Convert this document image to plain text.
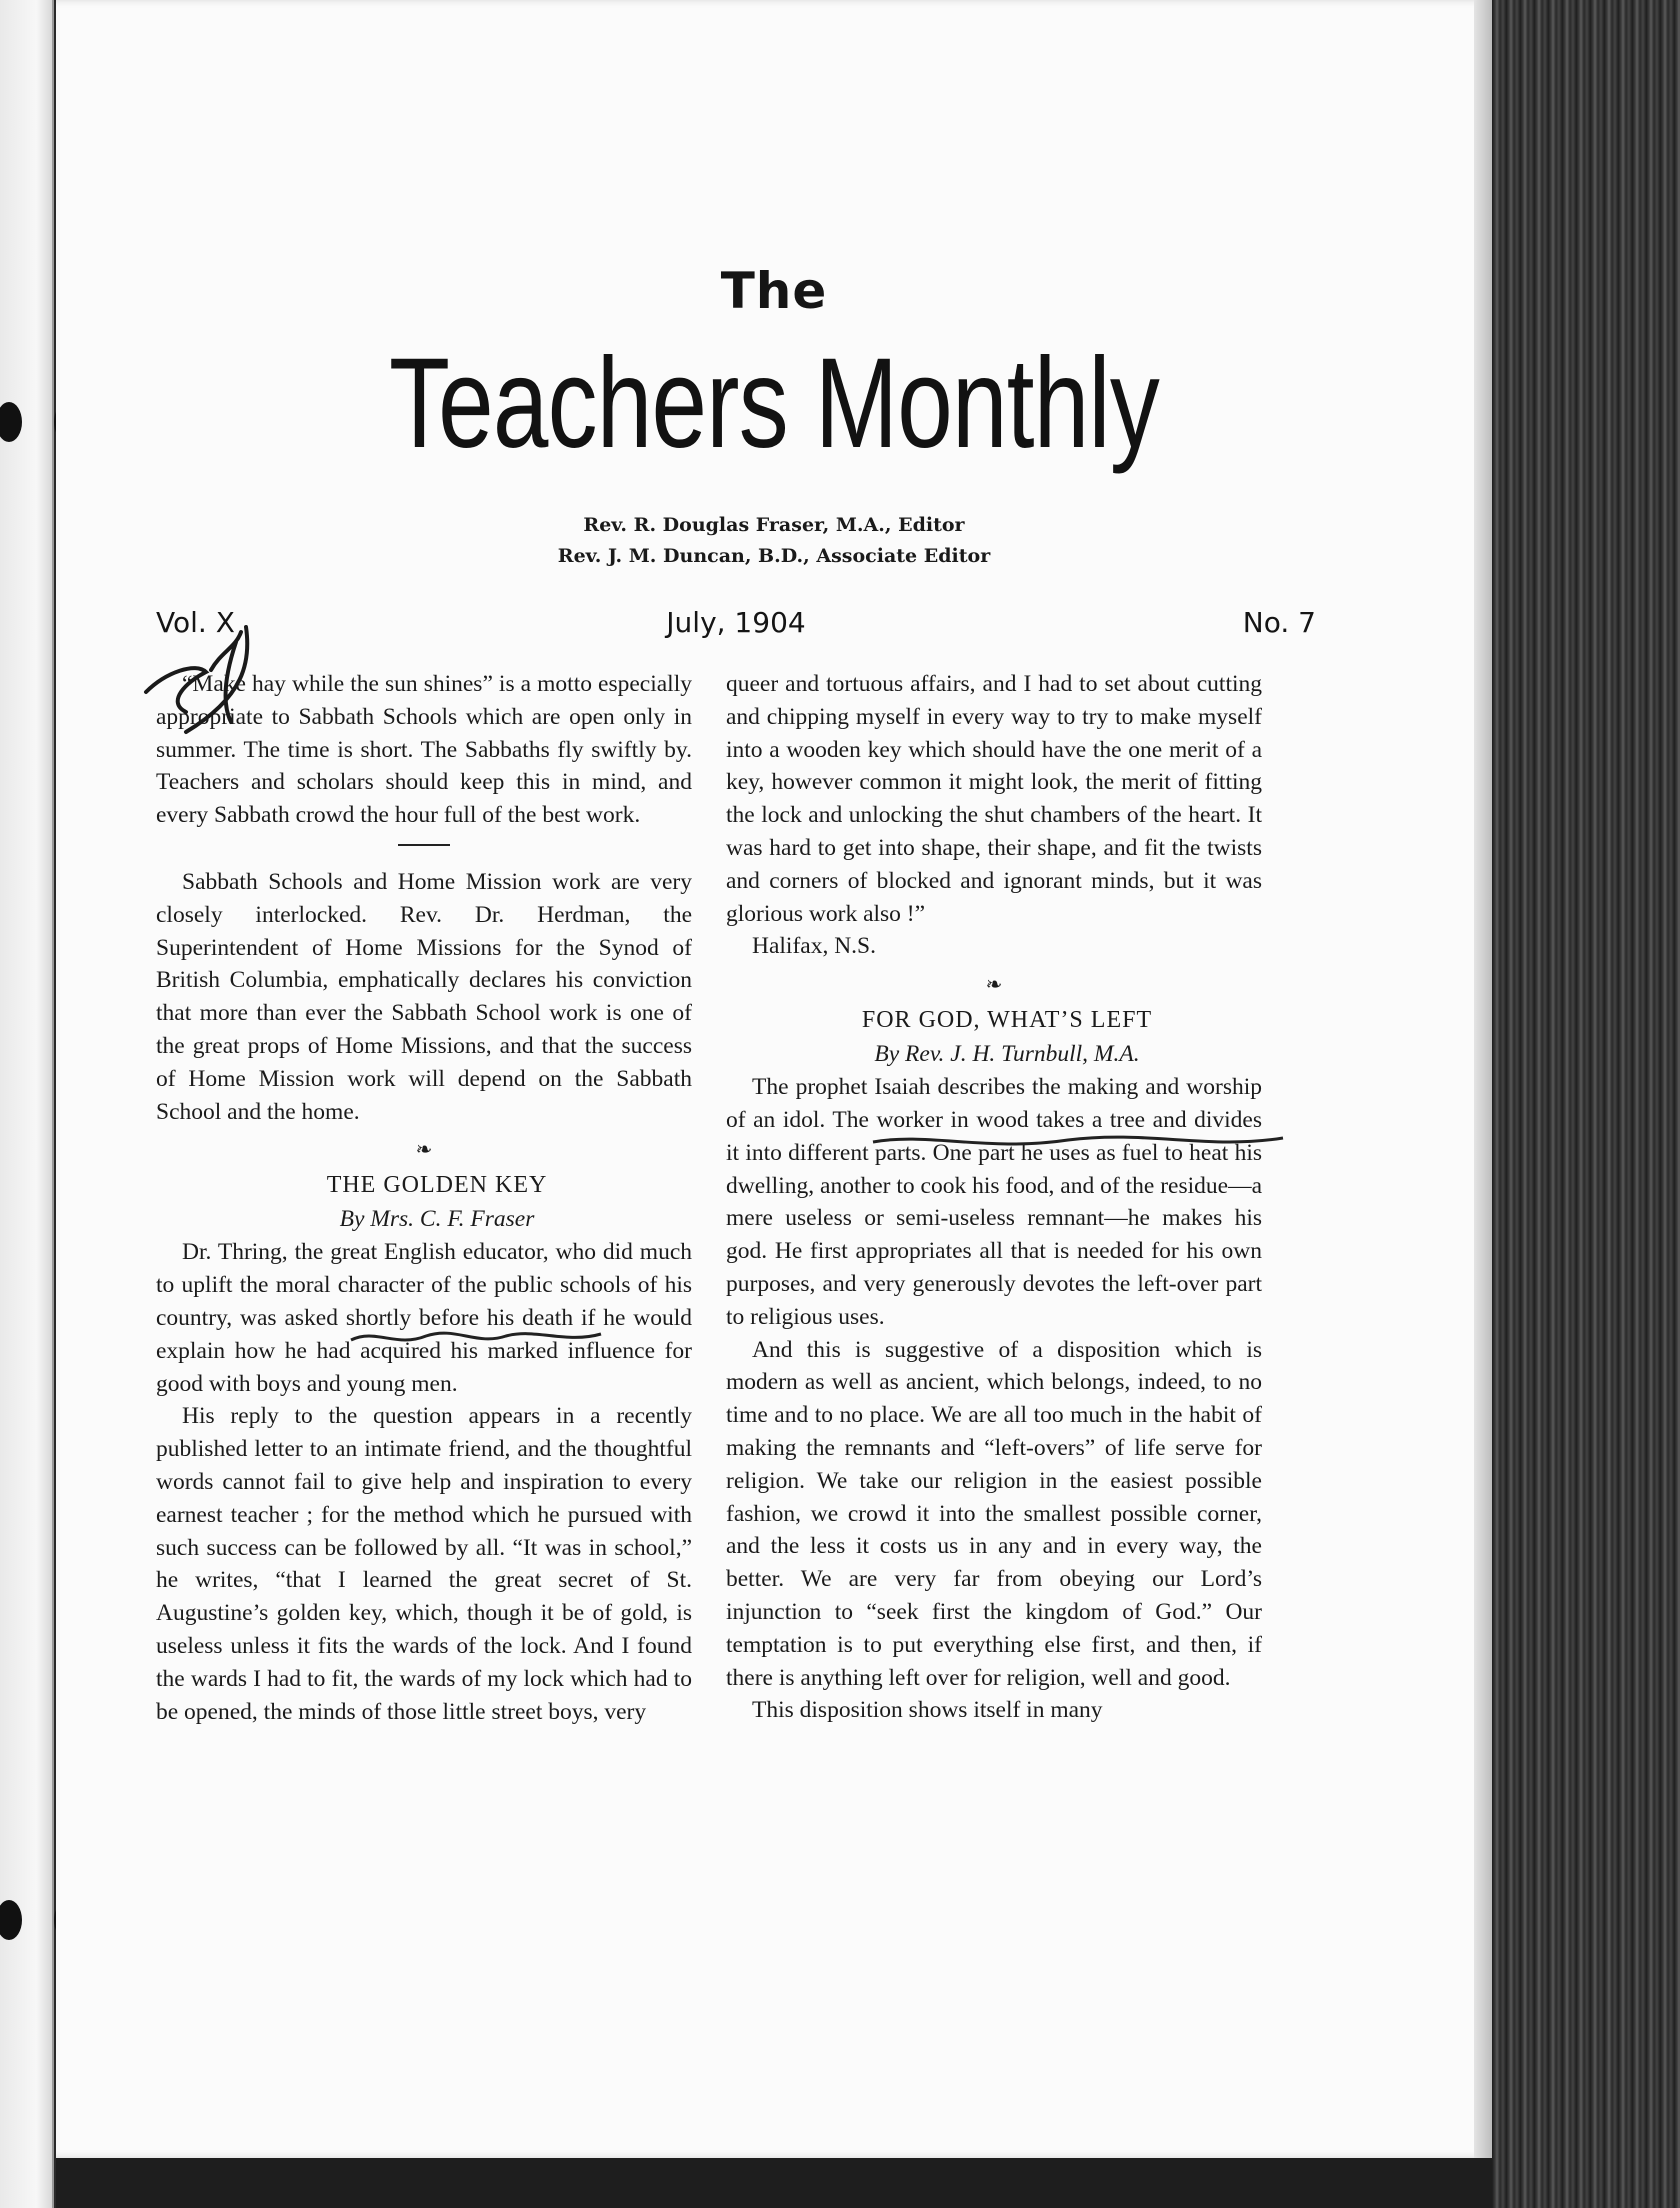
The
Teachers Monthly
Rev. R. Douglas Fraser, M.A., Editor
Rev. J. M. Duncan, B.D., Associate Editor
Vol. X	July, 1904	No. 7

“Make hay while the sun shines” is a motto especially appropriate to Sabbath Schools which are open only in summer. The time is short. The Sabbaths fly swiftly by. Teachers and scholars should keep this in mind, and every Sabbath crowd the hour full of the best work.

Sabbath Schools and Home Mission work are very closely interlocked. Rev. Dr. Herdman, the Superintendent of Home Missions for the Synod of British Columbia, emphatically declares his conviction that more than ever the Sabbath School work is one of the great props of Home Missions, and that the success of Home Mission work will depend on the Sabbath School and the home.

❧

THE GOLDEN KEY

By Mrs. C. F. Fraser

Dr. Thring, the great English educator, who did much to uplift the moral character of the public schools of his country, was asked shortly before his death if he would explain how he had acquired his marked influence for good with boys and young men.

His reply to the question appears in a recently published letter to an intimate friend, and the thoughtful words cannot fail to give help and inspiration to every earnest teacher ; for the method which he pursued with such success can be followed by all. “It was in school,” he writes, “that I learned the great secret of St. Augustine’s golden key, which, though it be of gold, is useless unless it fits the wards of the lock. And I found the wards I had to fit, the wards of my lock which had to be opened, the minds of those little street boys, very

queer and tortuous affairs, and I had to set about cutting and chipping myself in every way to try to make myself into a wooden key which should have the one merit of a key, however common it might look, the merit of fitting the lock and unlocking the shut chambers of the heart. It was hard to get into shape, their shape, and fit the twists and corners of blocked and ignorant minds, but it was glorious work also !”

Halifax, N.S.

❧

FOR GOD, WHAT’S LEFT

By Rev. J. H. Turnbull, M.A.

The prophet Isaiah describes the making and worship of an idol. The worker in wood takes a tree and divides it into different parts. One part he uses as fuel to heat his dwelling, another to cook his food, and of the residue—a mere useless or semi-useless remnant—he makes his god. He first appropriates all that is needed for his own purposes, and very generously devotes the left-over part to religious uses.

And this is suggestive of a disposition which is modern as well as ancient, which belongs, indeed, to no time and to no place. We are all too much in the habit of making the remnants and “left-overs” of life serve for religion. We take our religion in the easiest possible fashion, we crowd it into the smallest possible corner, and the less it costs us in any and in every way, the better. We are very far from obeying our Lord’s injunction to “seek first the kingdom of God.” Our temptation is to put everything else first, and then, if there is anything left over for religion, well and good.

This disposition shows itself in many
